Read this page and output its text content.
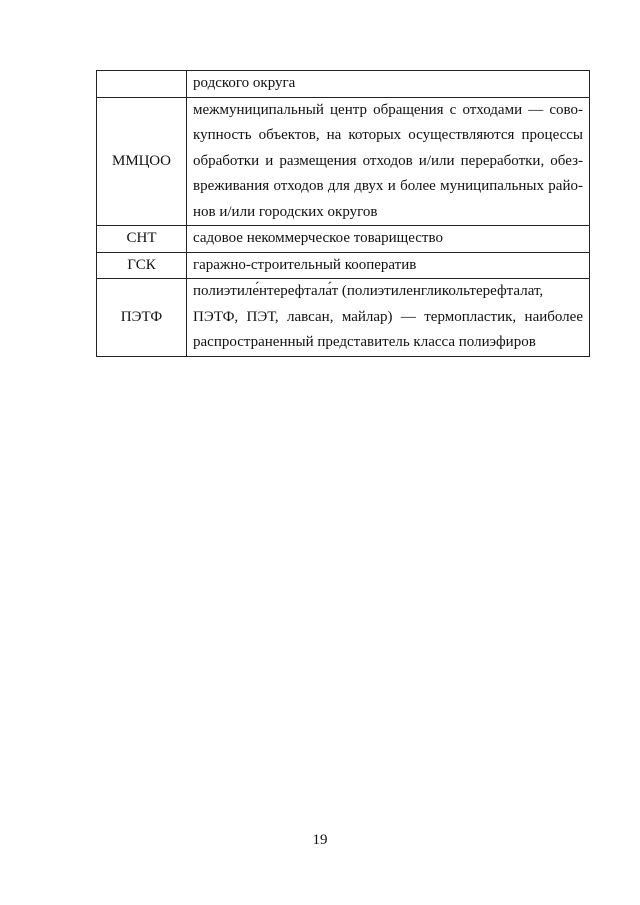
	родского округа

ММЦОО	межмуниципальный центр обращения с отходами — сово-
купность объектов, на которых осуществляются процессы
обработки и размещения отходов и/или переработки, обез-
вреживания отходов для двух и более муниципальных райо-
нов и/или городских округов

СНТ	садовое некоммерческое товарищество

ГСК	гаражно-строительный кооператив

ПЭТФ	полиэтиле́нтерефтала́т (полиэтиленгликольтерефталат,
ПЭТФ, ПЭТ, лавсан, майлар) — термопластик, наиболее
распространенный представитель класса полиэфиров
19
